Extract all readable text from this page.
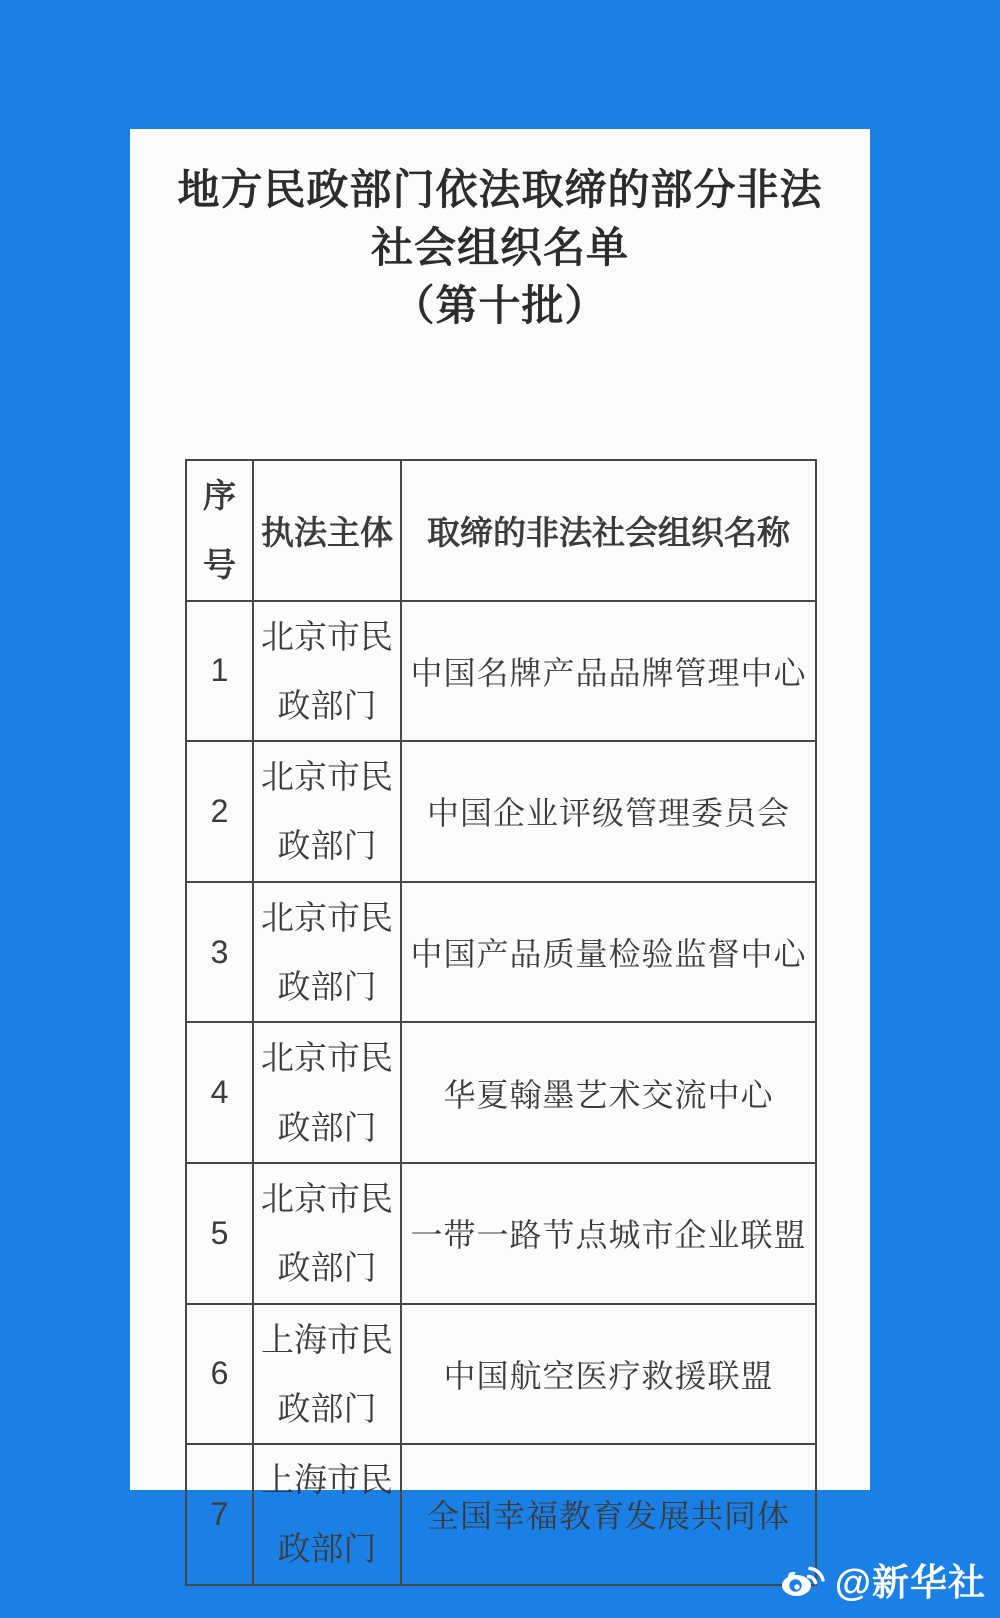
地方民政部门依法取缔的部分非法
社会组织名单
（第十批）
序号	执法主体	取缔的非法社会组织名称
1	北京市民政部门	中国名牌产品品牌管理中心
2	北京市民政部门	中国企业评级管理委员会
3	北京市民政部门	中国产品质量检验监督中心
4	北京市民政部门	华夏翰墨艺术交流中心
5	北京市民政部门	一带一路节点城市企业联盟
6	上海市民政部门	中国航空医疗救援联盟
7	上海市民政部门	全国幸福教育发展共同体
@新华社
